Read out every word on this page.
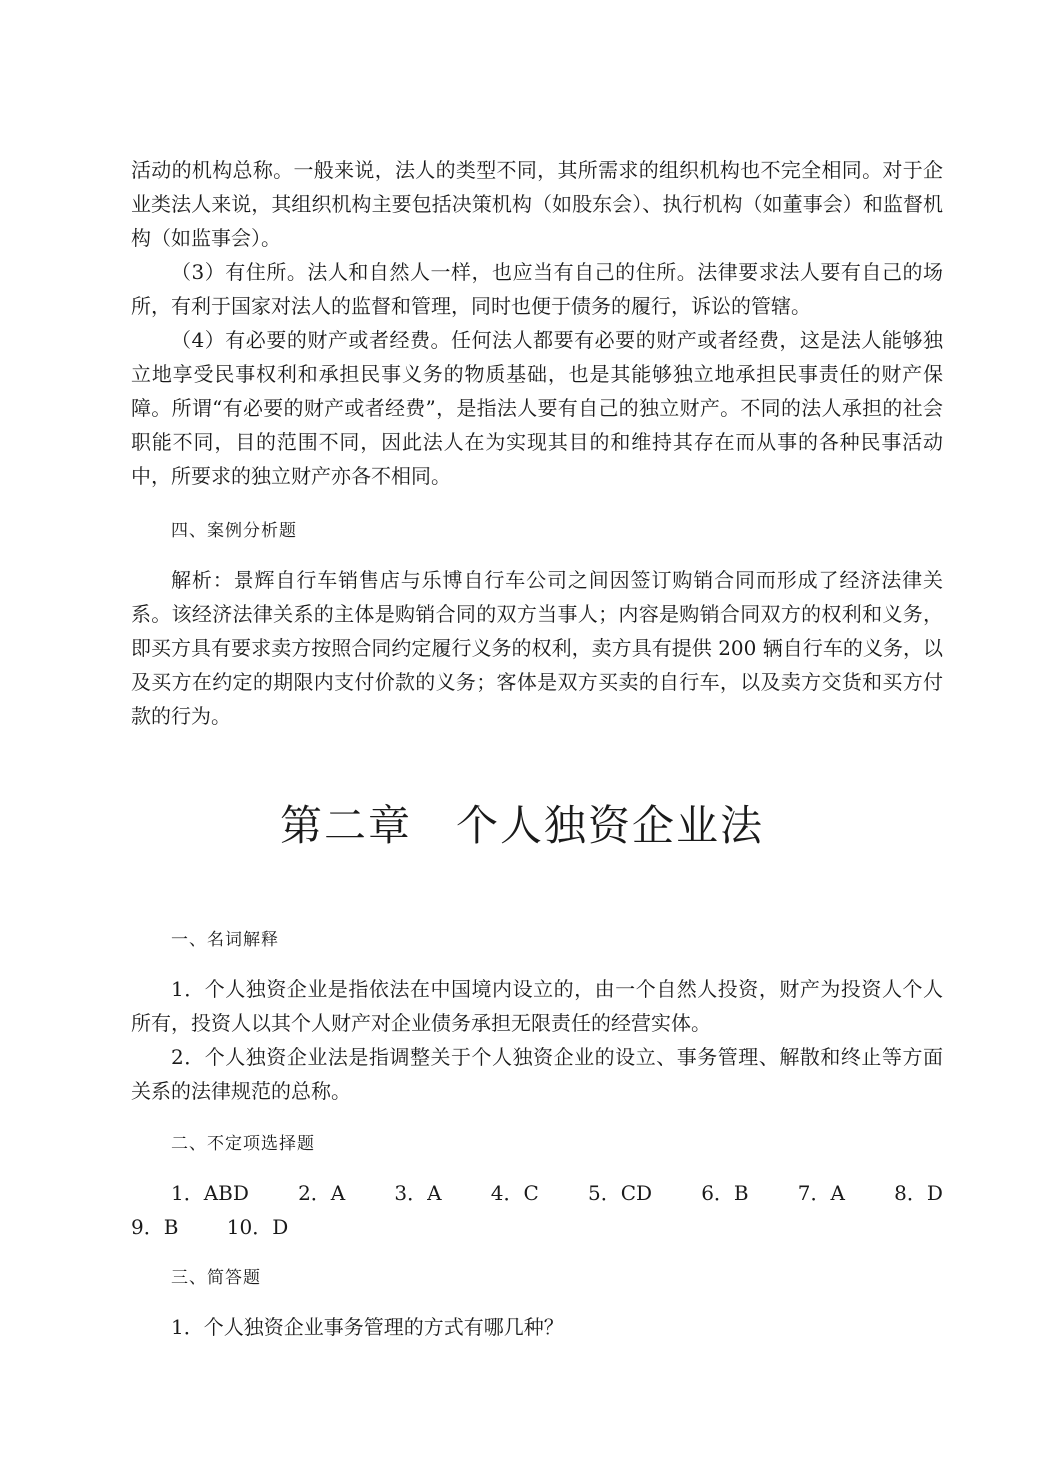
活动的机构总称。一般来说，法人的类型不同，其所需求的组织机构也不完全相同。对于企业类法人来说，其组织机构主要包括决策机构（如股东会）、执行机构（如董事会）和监督机构（如监事会）。

（3）有住所。法人和自然人一样，也应当有自己的住所。法律要求法人要有自己的场所，有利于国家对法人的监督和管理，同时也便于债务的履行，诉讼的管辖。

（4）有必要的财产或者经费。任何法人都要有必要的财产或者经费，这是法人能够独立地享受民事权利和承担民事义务的物质基础，也是其能够独立地承担民事责任的财产保障。所谓“有必要的财产或者经费”，是指法人要有自己的独立财产。不同的法人承担的社会职能不同，目的范围不同，因此法人在为实现其目的和维持其存在而从事的各种民事活动中，所要求的独立财产亦各不相同。

四、案例分析题

解析：景辉自行车销售店与乐博自行车公司之间因签订购销合同而形成了经济法律关系。该经济法律关系的主体是购销合同的双方当事人；内容是购销合同双方的权利和义务，即买方具有要求卖方按照合同约定履行义务的权利，卖方具有提供 200 辆自行车的义务，以及买方在约定的期限内支付价款的义务；客体是双方买卖的自行车，以及卖方交货和买方付款的行为。

第二章　个人独资企业法

一、名词解释

1．个人独资企业是指依法在中国境内设立的，由一个自然人投资，财产为投资人个人所有，投资人以其个人财产对企业债务承担无限责任的经营实体。

2．个人独资企业法是指调整关于个人独资企业的设立、事务管理、解散和终止等方面关系的法律规范的总称。

二、不定项选择题

1．ABD 2．A 3．A 4．C 5．CD 6．B 7．A 8．D
9．B 10．D

三、简答题

1．个人独资企业事务管理的方式有哪几种？
